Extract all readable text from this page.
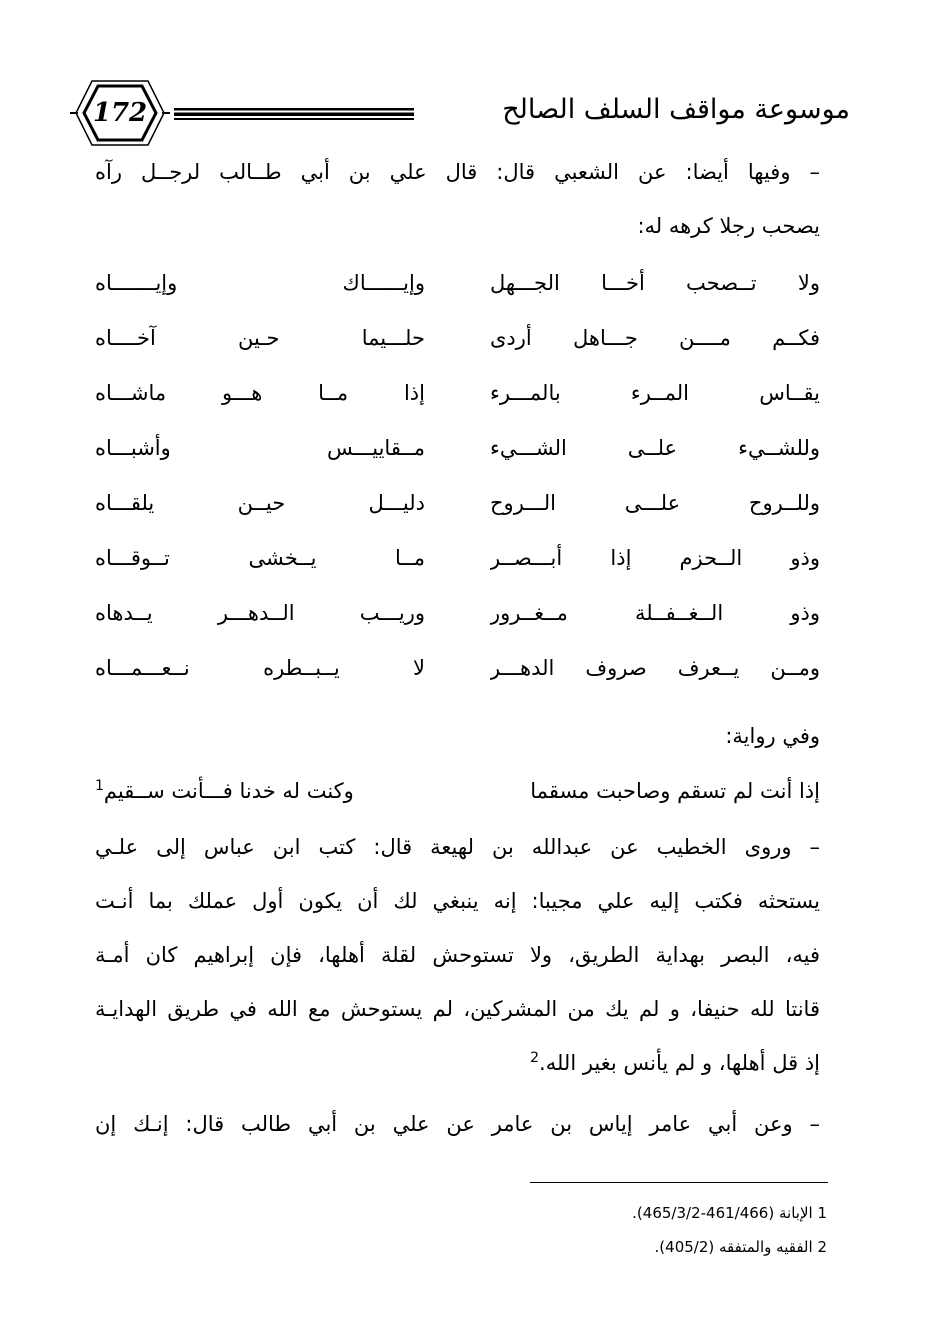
172	موسوعة مواقف السلف الصالح
– وفيها أيضا: عن الشعبي قال: قال علي بن أبي طــالب لرجــل رآه
يصحب رجلا كرهه له:
ولا تــصحب أخـــا الجـــهل
وإيــــــاك وإيـــــــاه
فكــم مــــن جـــاهل أردى
حلـــيما حـين آخــــاه
يقــاس المــرء بالمـــرء
إذا مــا هـــو ماشـــاه
وللشــيء علــى الشـــيء
مــقاييـــس وأشبـــاه
وللــروح علـــى الـــروح
دليـــل حيــن يلقـــاه
وذو الــحزم إذا أبـــصــر
مــا يــخشى تــوقـــاه
وذو الــغــفــلة مــغــرور
وريـــب الــدهـــر يــدهاه
ومــن يــعرف صروف الدهـــر
لا يــبــطره نــعـــمـــاه
وفي رواية:
إذا أنت لم تسقم وصاحبت مسقما
وكنت له خدنا فـــأنت ســقيم$^1$
– وروى الخطيب عن عبدالله بن لهيعة قال: كتب ابن عباس إلى علـي
يستحثه فكتب إليه علي مجيبا: إنه ينبغي لك أن يكون أول عملك بما أنـت
فيه، البصر بهداية الطريق، ولا تستوحش لقلة أهلها، فإن إبراهيم كان أمـة
قانتا لله حنيفا، و لم يك من المشركين، لم يستوحش مع الله في طريق الهدايـة
إذ قل أهلها، و لم يأنس بغير الله.$^2$
– وعن أبي عامر إياس بن عامر عن علي بن أبي طالب قال: إنـك إن
1 الإبانة (461/466-465/3/2).
2 الفقيه والمتفقه (405/2).
